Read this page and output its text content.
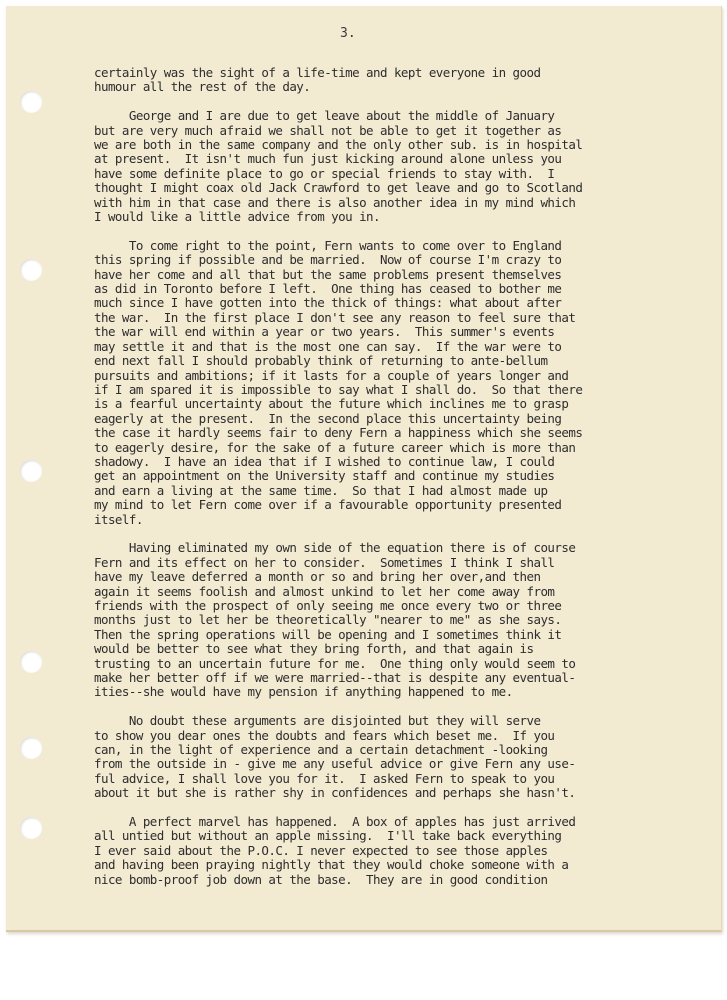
3.
certainly was the sight of a life-time and kept everyone in good
humour all the rest of the day.
George and I are due to get leave about the middle of January
but are very much afraid we shall not be able to get it together as
we are both in the same company and the only other sub. is in hospital
at present.  It isn't much fun just kicking around alone unless you
have some definite place to go or special friends to stay with.  I
thought I might coax old Jack Crawford to get leave and go to Scotland
with him in that case and there is also another idea in my mind which
I would like a little advice from you in.
To come right to the point, Fern wants to come over to England
this spring if possible and be married.  Now of course I'm crazy to
have her come and all that but the same problems present themselves
as did in Toronto before I left.  One thing has ceased to bother me
much since I have gotten into the thick of things: what about after
the war.  In the first place I don't see any reason to feel sure that
the war will end within a year or two years.  This summer's events
may settle it and that is the most one can say.  If the war were to
end next fall I should probably think of returning to ante-bellum
pursuits and ambitions; if it lasts for a couple of years longer and
if I am spared it is impossible to say what I shall do.  So that there
is a fearful uncertainty about the future which inclines me to grasp
eagerly at the present.  In the second place this uncertainty being
the case it hardly seems fair to deny Fern a happiness which she seems
to eagerly desire, for the sake of a future career which is more than
shadowy.  I have an idea that if I wished to continue law, I could
get an appointment on the University staff and continue my studies
and earn a living at the same time.  So that I had almost made up
my mind to let Fern come over if a favourable opportunity presented
itself.
Having eliminated my own side of the equation there is of course
Fern and its effect on her to consider.  Sometimes I think I shall
have my leave deferred a month or so and bring her over,and then
again it seems foolish and almost unkind to let her come away from
friends with the prospect of only seeing me once every two or three
months just to let her be theoretically "nearer to me" as she says.
Then the spring operations will be opening and I sometimes think it
would be better to see what they bring forth, and that again is
trusting to an uncertain future for me.  One thing only would seem to
make her better off if we were married--that is despite any eventual-
ities--she would have my pension if anything happened to me.
No doubt these arguments are disjointed but they will serve
to show you dear ones the doubts and fears which beset me.  If you
can, in the light of experience and a certain detachment -looking
from the outside in - give me any useful advice or give Fern any use-
ful advice, I shall love you for it.  I asked Fern to speak to you
about it but she is rather shy in confidences and perhaps she hasn't.
A perfect marvel has happened.  A box of apples has just arrived
all untied but without an apple missing.  I'll take back everything
I ever said about the P.O.C. I never expected to see those apples
and having been praying nightly that they would choke someone with a
nice bomb-proof job down at the base.  They are in good condition
